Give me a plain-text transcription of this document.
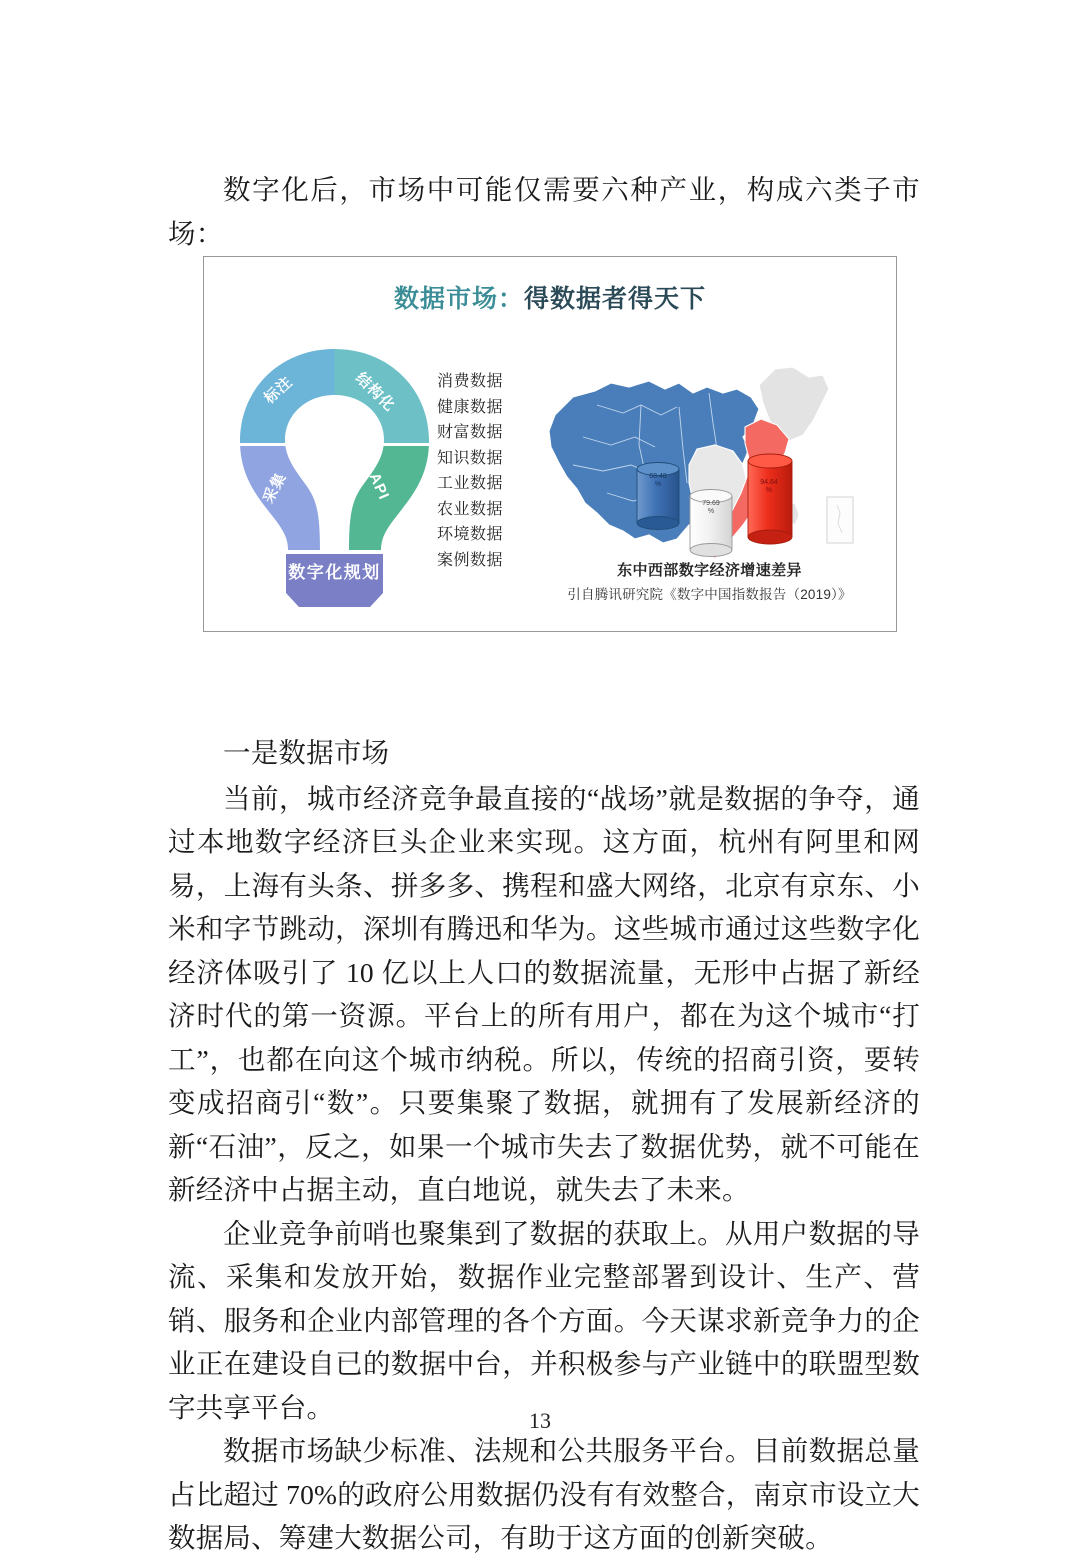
数字化后，市场中可能仅需要六种产业，构成六类子市场：

数据市场：得数据者得天下
标注	结构化
采集	API
数字化规划
消费数据
健康数据
财富数据
知识数据
工业数据
农业数据
环境数据
案例数据
68.48
%
79.69
%
94.64
%
东中西部数字经济增速差异
引自腾讯研究院《数字中国指数报告（2019）》

一是数据市场

当前，城市经济竞争最直接的“战场”就是数据的争夺，通过本地数字经济巨头企业来实现。这方面，杭州有阿里和网易，上海有头条、拼多多、携程和盛大网络，北京有京东、小米和字节跳动，深圳有腾迅和华为。这些城市通过这些数字化经济体吸引了 10 亿以上人口的数据流量，无形中占据了新经济时代的第一资源。平台上的所有用户，都在为这个城市“打工”，也都在向这个城市纳税。所以，传统的招商引资，要转变成招商引“数”。只要集聚了数据，就拥有了发展新经济的新“石油”，反之，如果一个城市失去了数据优势，就不可能在新经济中占据主动，直白地说，就失去了未来。

企业竞争前哨也聚集到了数据的获取上。从用户数据的导流、采集和发放开始，数据作业完整部署到设计、生产、营销、服务和企业内部管理的各个方面。今天谋求新竞争力的企业正在建设自已的数据中台，并积极参与产业链中的联盟型数字共享平台。

数据市场缺少标准、法规和公共服务平台。目前数据总量占比超过 70%的政府公用数据仍没有有效整合，南京市设立大数据局、筹建大数据公司，有助于这方面的创新突破。

13
